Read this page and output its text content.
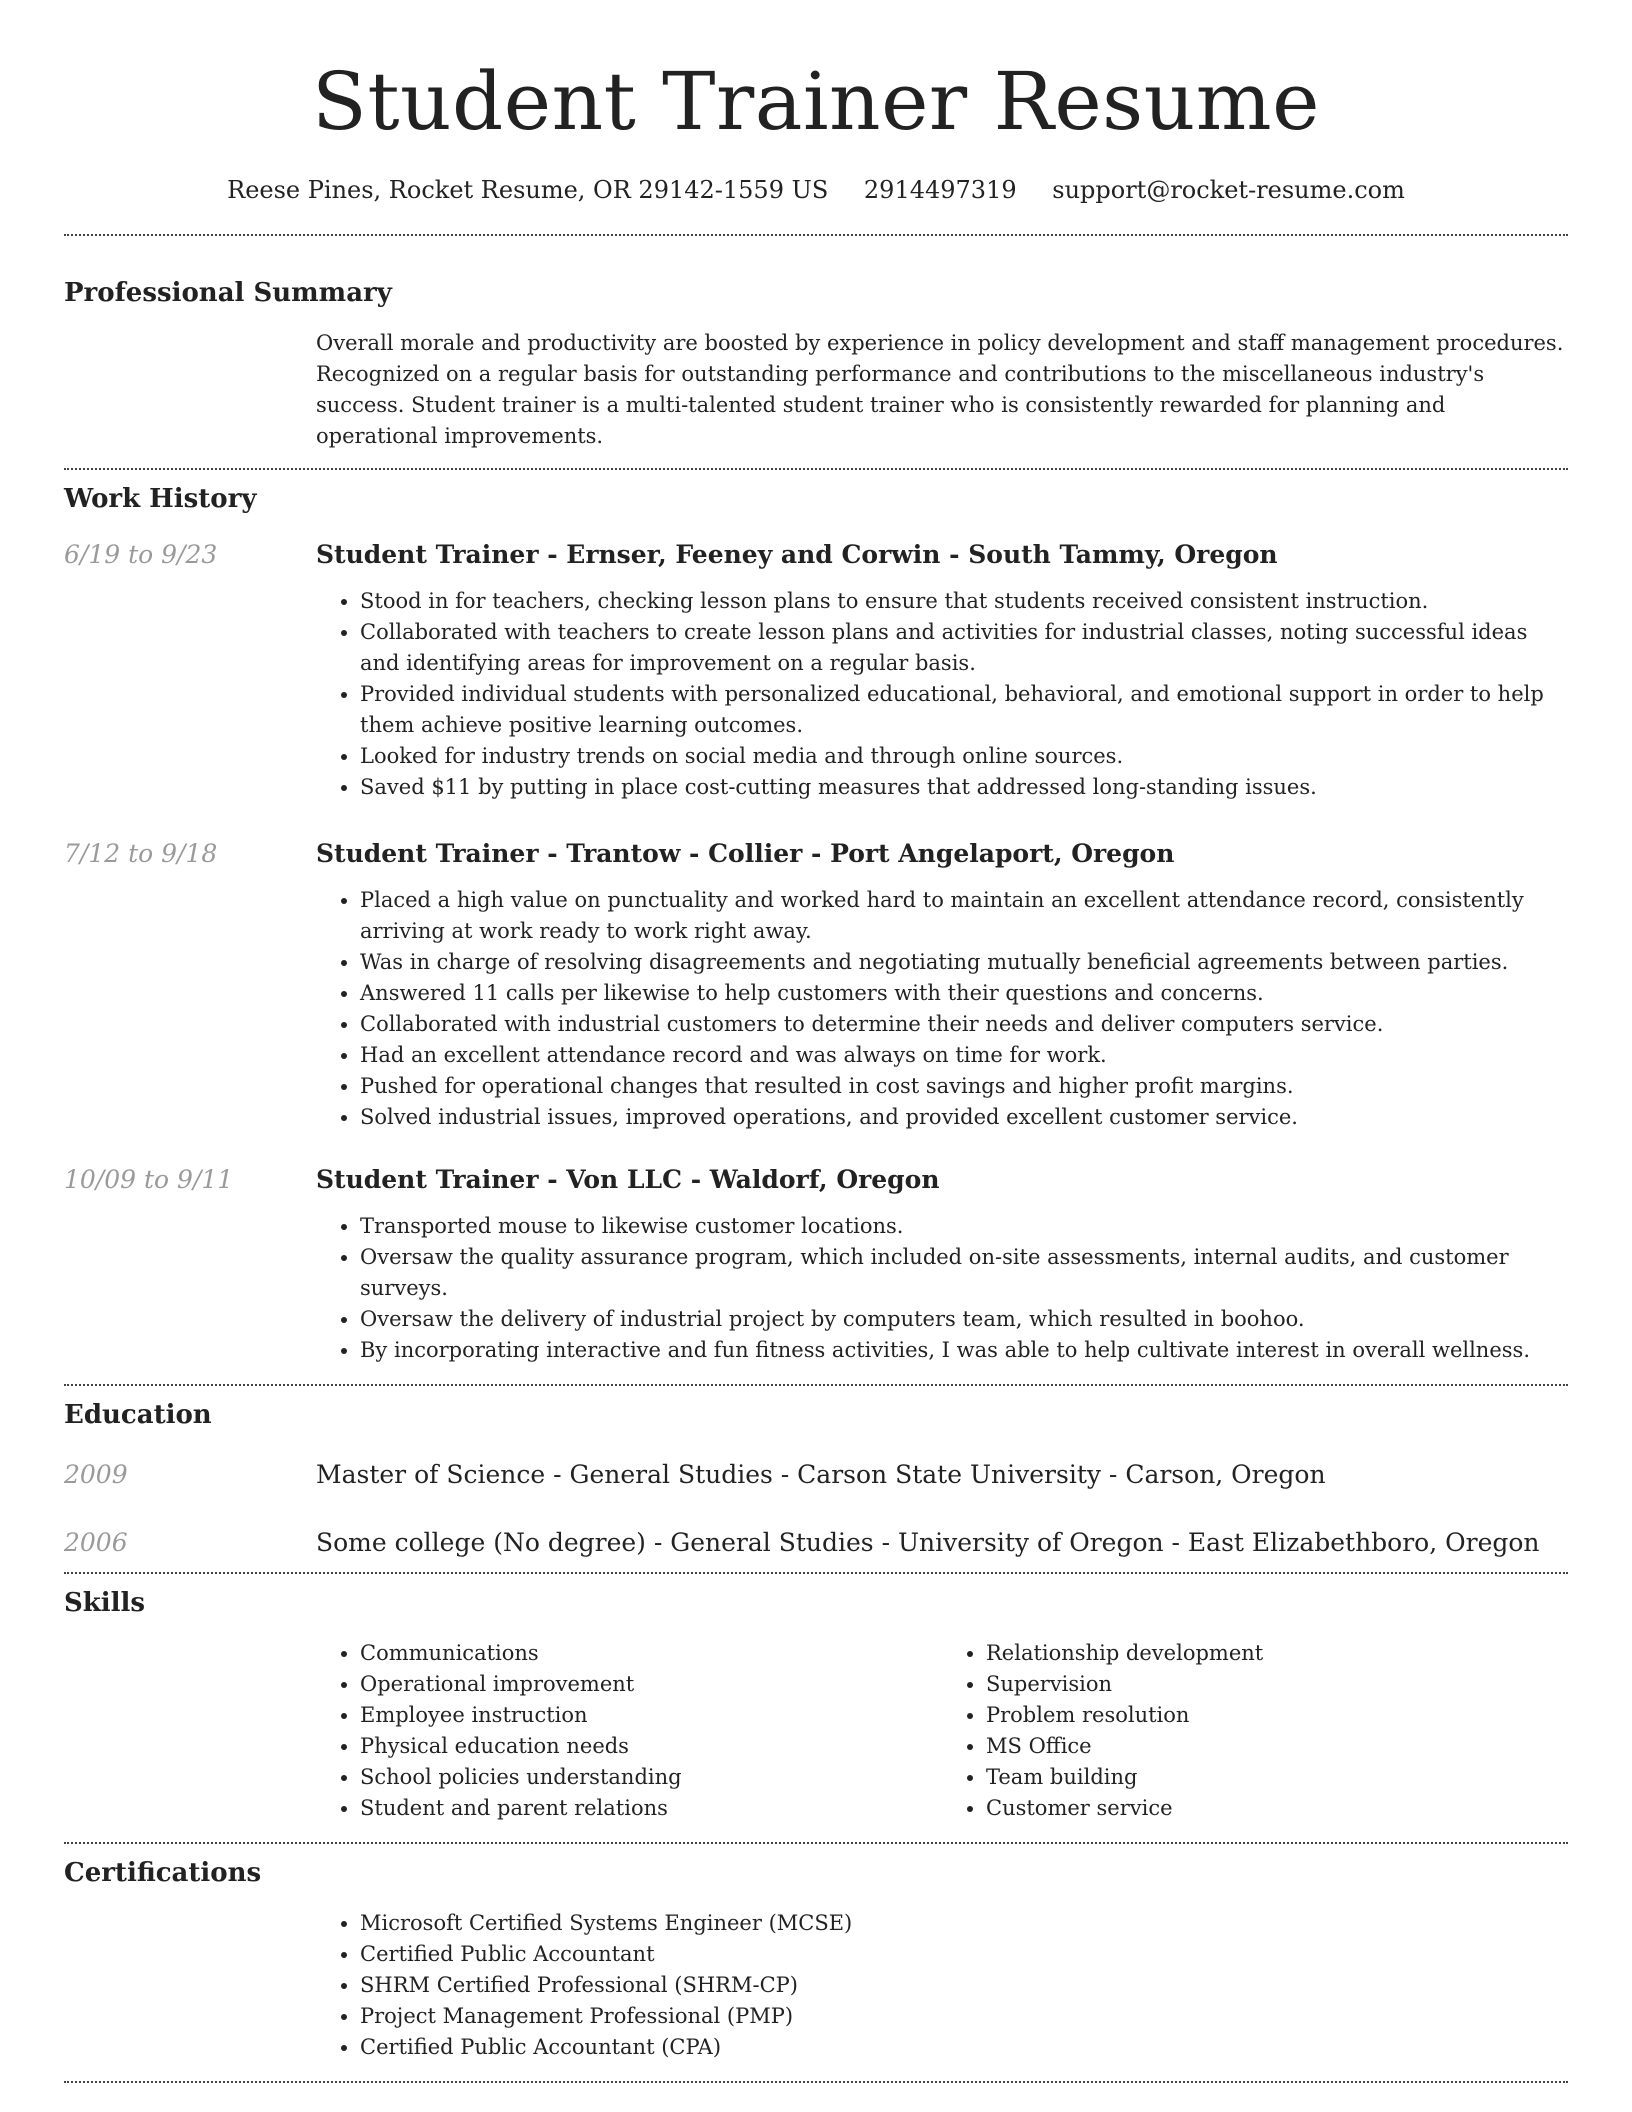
Student Trainer Resume
Reese Pines, Rocket Resume, OR 29142-1559 US 2914497319 support@rocket-resume.com
Professional Summary

Overall morale and productivity are boosted by experience in policy development and staff management procedures. Recognized on a regular basis for outstanding performance and contributions to the miscellaneous industry's success. Student trainer is a multi-talented student trainer who is consistently rewarded for planning and operational improvements.

Work History
6/19 to 9/23	Student Trainer - Ernser, Feeney and Corwin - South Tammy, Oregon
• Stood in for teachers, checking lesson plans to ensure that students received consistent instruction.
• Collaborated with teachers to create lesson plans and activities for industrial classes, noting successful ideas and identifying areas for improvement on a regular basis.
• Provided individual students with personalized educational, behavioral, and emotional support in order to help them achieve positive learning outcomes.
• Looked for industry trends on social media and through online sources.
• Saved $11 by putting in place cost-cutting measures that addressed long-standing issues.
7/12 to 9/18	Student Trainer - Trantow - Collier - Port Angelaport, Oregon
• Placed a high value on punctuality and worked hard to maintain an excellent attendance record, consistently arriving at work ready to work right away.
• Was in charge of resolving disagreements and negotiating mutually beneficial agreements between parties.
• Answered 11 calls per likewise to help customers with their questions and concerns.
• Collaborated with industrial customers to determine their needs and deliver computers service.
• Had an excellent attendance record and was always on time for work.
• Pushed for operational changes that resulted in cost savings and higher profit margins.
• Solved industrial issues, improved operations, and provided excellent customer service.
10/09 to 9/11	Student Trainer - Von LLC - Waldorf, Oregon
• Transported mouse to likewise customer locations.
• Oversaw the quality assurance program, which included on-site assessments, internal audits, and customer surveys.
• Oversaw the delivery of industrial project by computers team, which resulted in boohoo.
• By incorporating interactive and fun fitness activities, I was able to help cultivate interest in overall wellness.
Education
2009	Master of Science - General Studies - Carson State University - Carson, Oregon
2006	Some college (No degree) - General Studies - University of Oregon - East Elizabethboro, Oregon
Skills
• Communications
• Operational improvement
• Employee instruction
• Physical education needs
• School policies understanding
• Student and parent relations
• Relationship development
• Supervision
• Problem resolution
• MS Office
• Team building
• Customer service
Certifications
• Microsoft Certified Systems Engineer (MCSE)
• Certified Public Accountant
• SHRM Certified Professional (SHRM-CP)
• Project Management Professional (PMP)
• Certified Public Accountant (CPA)
